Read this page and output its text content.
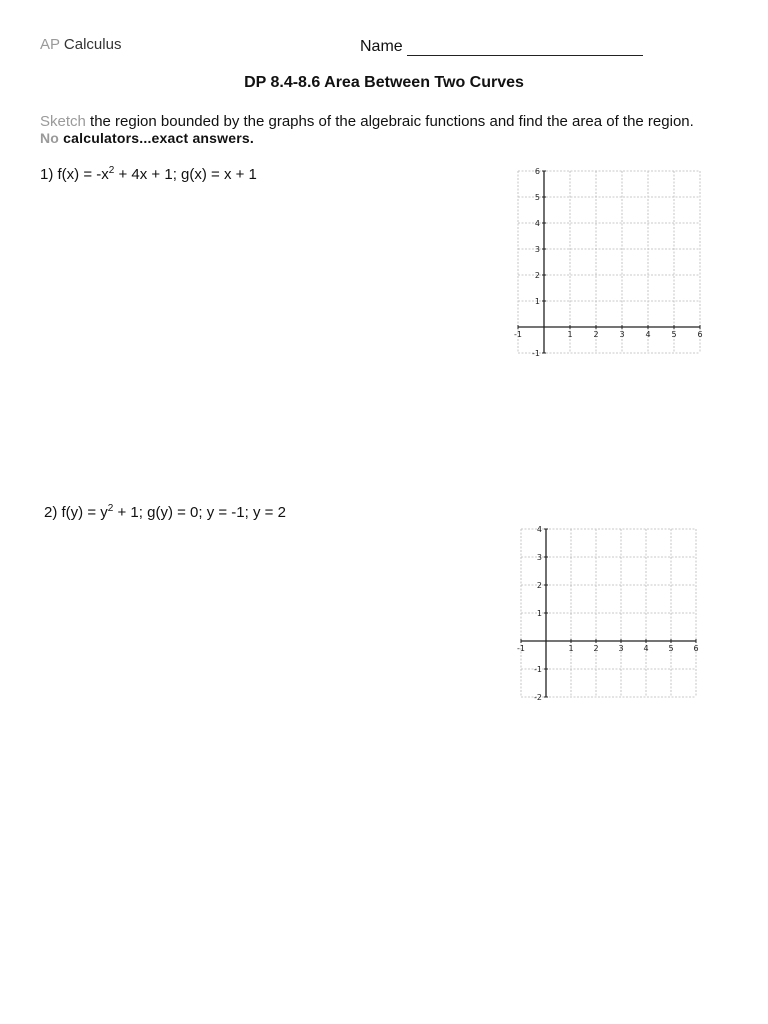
AP Calculus	Name
DP 8.4-8.6 Area Between Two Curves
Sketch the region bounded by the graphs of the algebraic functions and find the area of the region.
No calculators...exact answers.
1) $f(x) = -x^2 + 4x + 1$; g(x) = x + 1
-1	1	2	3	4	5	6
6
5
4
3
2
1
-1
2) $f(y) = y^2 + 1$; g(y) = 0; y = -1; y = 2
-1	1 2 3 4 5 6
4
3
2
1
-1
-2
